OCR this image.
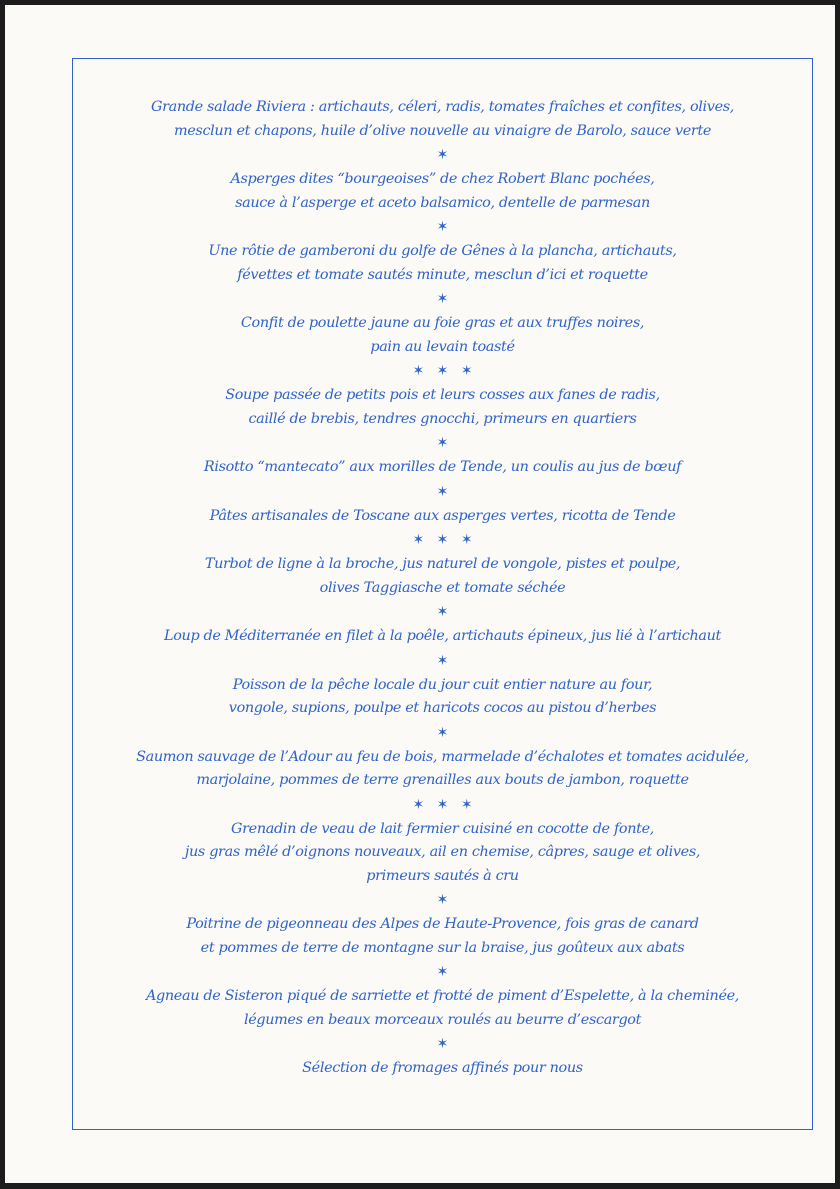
Grande salade Riviera : artichauts, céleri, radis, tomates fraîches et confites, olives,
mesclun et chapons, huile d’olive nouvelle au vinaigre de Barolo, sauce verte
✶
Asperges dites “bourgeoises” de chez Robert Blanc pochées,
sauce à l’asperge et aceto balsamico, dentelle de parmesan
✶
Une rôtie de gamberoni du golfe de Gênes à la plancha, artichauts,
févettes et tomate sautés minute, mesclun d’ici et roquette
✶
Confit de poulette jaune au foie gras et aux truffes noires,
pain au levain toasté
✶ ✶ ✶
Soupe passée de petits pois et leurs cosses aux fanes de radis,
caillé de brebis, tendres gnocchi, primeurs en quartiers
✶
Risotto “mantecato” aux morilles de Tende, un coulis au jus de bœuf
✶
Pâtes artisanales de Toscane aux asperges vertes, ricotta de Tende
✶ ✶ ✶
Turbot de ligne à la broche, jus naturel de vongole, pistes et poulpe,
olives Taggiasche et tomate séchée
✶
Loup de Méditerranée en filet à la poêle, artichauts épineux, jus lié à l’artichaut
✶
Poisson de la pêche locale du jour cuit entier nature au four,
vongole, supions, poulpe et haricots cocos au pistou d’herbes
✶
Saumon sauvage de l’Adour au feu de bois, marmelade d’échalotes et tomates acidulée,
marjolaine, pommes de terre grenailles aux bouts de jambon, roquette
✶ ✶ ✶
Grenadin de veau de lait fermier cuisiné en cocotte de fonte,
jus gras mêlé d’oignons nouveaux, ail en chemise, câpres, sauge et olives,
primeurs sautés à cru
✶
Poitrine de pigeonneau des Alpes de Haute-Provence, fois gras de canard
et pommes de terre de montagne sur la braise, jus goûteux aux abats
✶
Agneau de Sisteron piqué de sarriette et frotté de piment d’Espelette, à la cheminée,
légumes en beaux morceaux roulés au beurre d’escargot
✶
Sélection de fromages affinés pour nous
